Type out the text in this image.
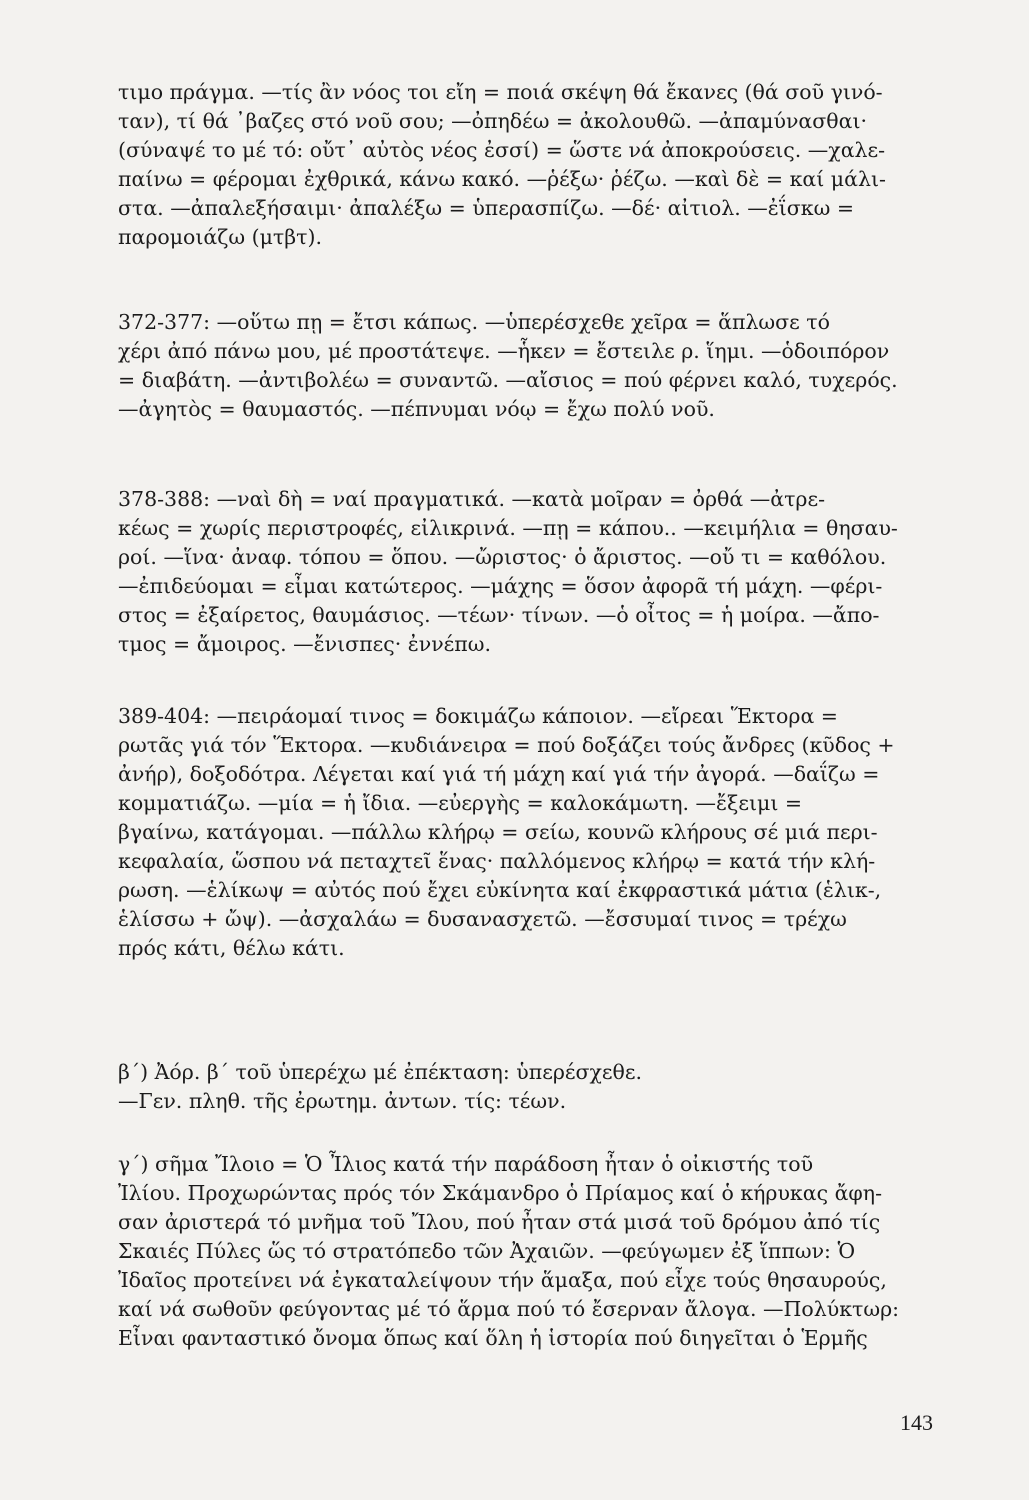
τιμο πράγμα. —τίς ἂν νόος τοι εἴη = ποιά σκέψη θά ἔκανες (θά σοῦ γινό-
ταν), τί θά ᾽βαζες στό νοῦ σου; —ὀπηδέω = ἀκολουθῶ. —ἀπαμύνασθαι·
(σύναψέ το μέ τό: οὔτ᾽ αὐτὸς νέος ἐσσί) = ὥστε νά ἀποκρούσεις. —χαλε-
παίνω = φέρομαι ἐχθρικά, κάνω κακό. —ῥέξω· ῥέζω. —καὶ δὲ = καί μάλι-
στα. —ἀπαλεξήσαιμι· ἀπαλέξω = ὑπερασπίζω. —δέ· αἰτιολ. —ἐΐσκω =
παρομοιάζω (μτβτ).

372-377: —οὕτω πῃ = ἔτσι κάπως. —ὑπερέσχεθε χεῖρα = ἅπλωσε τό
χέρι ἀπό πάνω μου, μέ προστάτεψε. —ἧκεν = ἔστειλε ρ. ἵημι. —ὁδοιπόρον
= διαβάτη. —ἀντιβολέω = συναντῶ. —αἴσιος = πού φέρνει καλό, τυχερός.
—ἀγητὸς = θαυμαστός. —πέπνυμαι νόῳ = ἔχω πολύ νοῦ.

378-388: —ναὶ δὴ = ναί πραγματικά. —κατὰ μοῖραν = ὀρθά —ἀτρε-
κέως = χωρίς περιστροφές, εἰλικρινά. —πῃ = κάπου.. —κειμήλια = θησαυ-
ροί. —ἵνα· ἀναφ. τόπου = ὅπου. —ὤριστος· ὁ ἄριστος. —οὔ τι = καθόλου.
—ἐπιδεύομαι = εἶμαι κατώτερος. —μάχης = ὅσον ἀφορᾶ τή μάχη. —φέρι-
στος = ἐξαίρετος, θαυμάσιος. —τέων· τίνων. —ὁ οἶτος = ἡ μοίρα. —ἄπο-
τμος = ἄμοιρος. —ἔνισπες· ἐννέπω.

389-404: —πειράομαί τινος = δοκιμάζω κάποιον. —εἴρεαι Ἕκτορα =
ρωτᾶς γιά τόν Ἕκτορα. —κυδιάνειρα = πού δοξάζει τούς ἄνδρες (κῦδος +
ἀνήρ), δοξοδότρα. Λέγεται καί γιά τή μάχη καί γιά τήν ἀγορά. —δαΐζω =
κομματιάζω. —μία = ἡ ἴδια. —εὐεργὴς = καλοκάμωτη. —ἔξειμι =
βγαίνω, κατάγομαι. —πάλλω κλήρῳ = σείω, κουνῶ κλήρους σέ μιά περι-
κεφαλαία, ὥσπου νά πεταχτεῖ ἕνας· παλλόμενος κλήρῳ = κατά τήν κλή-
ρωση. —ἑλίκωψ = αὐτός πού ἔχει εὐκίνητα καί ἐκφραστικά μάτια (ἑλικ-,
ἑλίσσω + ὤψ). —ἀσχαλάω = δυσανασχετῶ. —ἔσσυμαί τινος = τρέχω
πρός κάτι, θέλω κάτι.

β΄) Ἀόρ. β΄ τοῦ ὑπερέχω μέ ἐπέκταση: ὑπερέσχεθε.
—Γεν. πληθ. τῆς ἐρωτημ. ἀντων. τίς: τέων.

γ΄) σῆμα Ἴλοιο = Ὁ Ἶλιος κατά τήν παράδοση ἦταν ὁ οἰκιστής τοῦ
Ἰλίου. Προχωρώντας πρός τόν Σκάμανδρο ὁ Πρίαμος καί ὁ κήρυκας ἄφη-
σαν ἀριστερά τό μνῆμα τοῦ Ἴλου, πού ἦταν στά μισά τοῦ δρόμου ἀπό τίς
Σκαιές Πύλες ὥς τό στρατόπεδο τῶν Ἀχαιῶν. —φεύγωμεν ἐξ ἵππων: Ὁ
Ἰδαῖος προτείνει νά ἐγκαταλείψουν τήν ἅμαξα, πού εἶχε τούς θησαυρούς,
καί νά σωθοῦν φεύγοντας μέ τό ἅρμα πού τό ἔσερναν ἄλογα. —Πολύκτωρ:
Εἶναι φανταστικό ὄνομα ὅπως καί ὅλη ἡ ἱστορία πού διηγεῖται ὁ Ἑρμῆς

143
